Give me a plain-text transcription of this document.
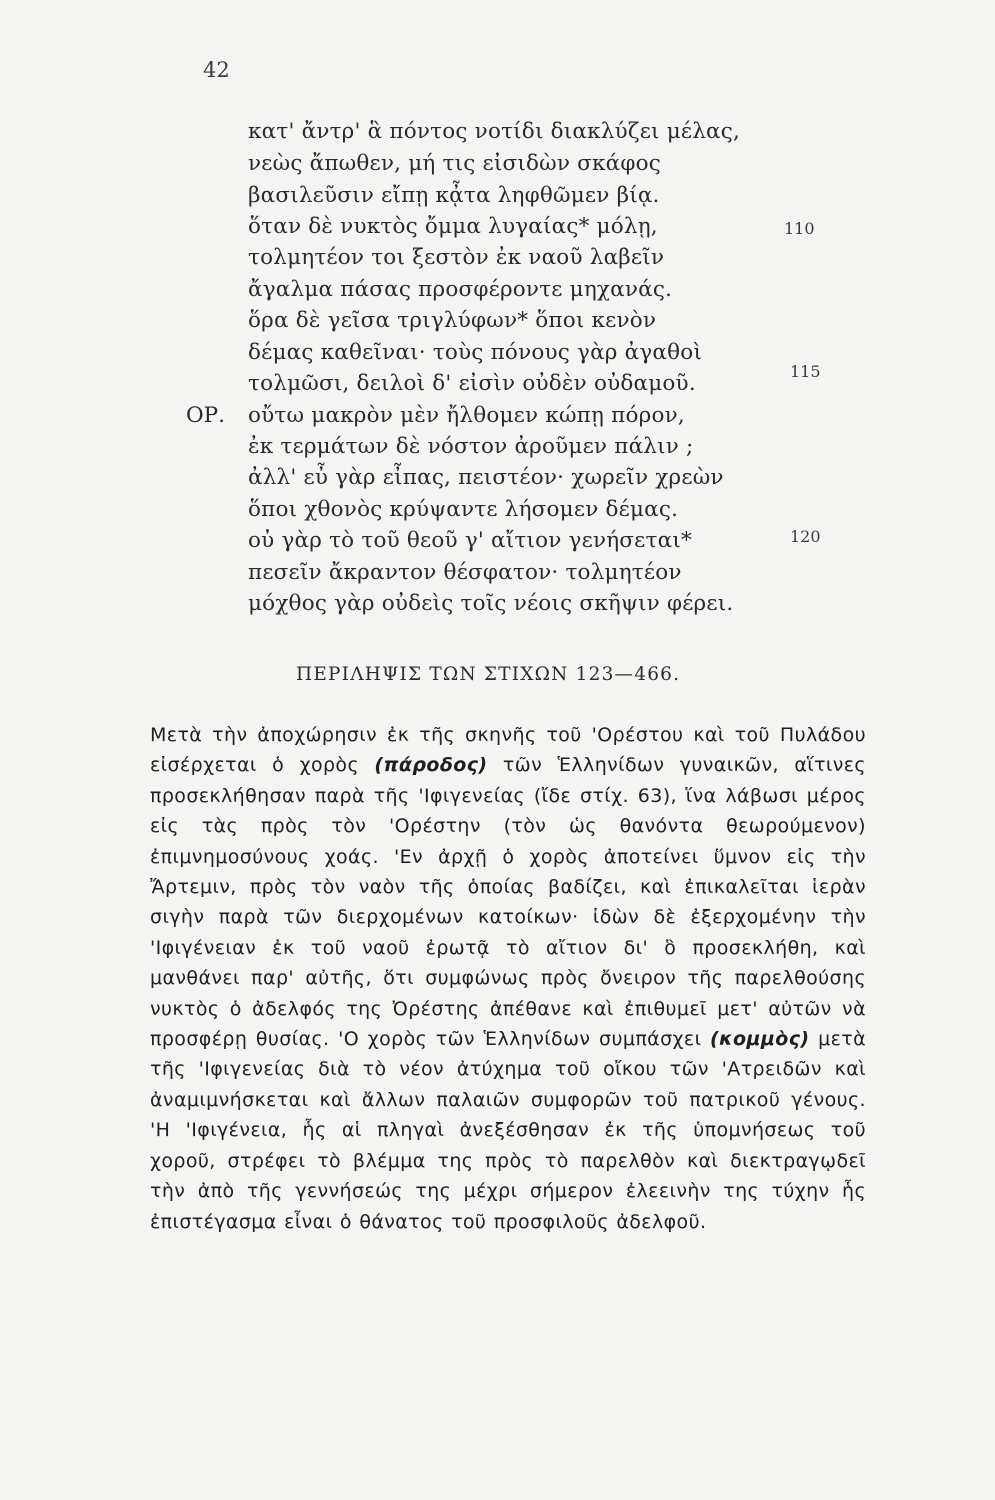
42
κατ' ἄντρ' ἃ πόντος νοτίδι διακλύζει μέλας,
νεὼς ἄπωθεν, μή τις εἰσιδὼν σκάφος
βασιλεῦσιν εἴπῃ κᾆτα ληφθῶμεν βίᾳ.
ὅταν δὲ νυκτὸς ὄμμα λυγαίας* μόλῃ,	110
τολμητέον τοι ξεστὸν ἐκ ναοῦ λαβεῖν
ἄγαλμα πάσας προσφέροντε μηχανάς.
ὅρα δὲ γεῖσα τριγλύφων* ὅποι κενὸν
δέμας καθεῖναι· τοὺς πόνους γὰρ ἀγαθοὶ
τολμῶσι, δειλοὶ δ' εἰσὶν οὐδὲν οὐδαμοῦ.	115
ΟΡ. οὔτω μακρὸν μὲν ἤλθομεν κώπῃ πόρον,
ἐκ τερμάτων δὲ νόστον ἀροῦμεν πάλιν ;
ἀλλ' εὖ γὰρ εἶπας, πειστέον· χωρεῖν χρεὼν
ὅποι χθονὸς κρύψαντε λήσομεν δέμας.
οὐ γὰρ τὸ τοῦ θεοῦ γ' αἴτιον γενήσεται*	120
πεσεῖν ἄκραντον θέσφατον· τολμητέον
μόχθος γὰρ οὐδεὶς τοῖς νέοις σκῆψιν φέρει.
ΠΕΡΙΛΗΨΙΣ ΤΩΝ ΣΤΙΧΩΝ 123—466.

Μετὰ τὴν ἀποχώρησιν ἐκ τῆς σκηνῆς τοῦ 'Ορέστου καὶ τοῦ Πυλάδου εἰσέρχεται ὁ χορὸς (πάροδος) τῶν Ἑλληνίδων γυναικῶν, αἵτινες προσεκλήθησαν παρὰ τῆς 'Ιφιγενείας (ἴδε στίχ. 63), ἵνα λάβωσι μέρος εἰς τὰς πρὸς τὸν 'Ορέστην (τὸν ὡς θανόντα θεωρούμενον) ἐπιμνημοσύνους χοάς. 'Εν ἀρχῇ ὁ χορὸς ἀποτείνει ὕμνον εἰς τὴν Ἄρτεμιν, πρὸς τὸν ναὸν τῆς ὁποίας βαδίζει, καὶ ἐπικαλεῖται ἱερὰν σιγὴν παρὰ τῶν διερχομένων κατοίκων· ἰδὼν δὲ ἐξερχομένην τὴν 'Ιφιγένειαν ἐκ τοῦ ναοῦ ἐρωτᾷ τὸ αἴτιον δι' ὃ προσεκλήθη, καὶ μανθάνει παρ' αὐτῆς, ὅτι συμφώνως πρὸς ὄνειρον τῆς παρελθούσης νυκτὸς ὁ ἀδελφός της Ὀρέστης ἀπέθανε καὶ ἐπιθυμεῖ μετ' αὐτῶν νὰ προσφέρῃ θυσίας. 'Ο χορὸς τῶν Ἑλληνίδων συμπάσχει (κομμὸς) μετὰ τῆς 'Ιφιγενείας διὰ τὸ νέον ἀτύχημα τοῦ οἴκου τῶν 'Ατρειδῶν καὶ ἀναμιμνήσκεται καὶ ἄλλων παλαιῶν συμφορῶν τοῦ πατρικοῦ γένους. 'Η 'Ιφιγένεια, ἧς αἱ πληγαὶ ἀνεξέσθησαν ἐκ τῆς ὑπομνήσεως τοῦ χοροῦ, στρέφει τὸ βλέμμα της πρὸς τὸ παρελθὸν καὶ διεκτραγῳδεῖ τὴν ἀπὸ τῆς γεννήσεώς της μέχρι σήμερον ἐλεεινὴν της τύχην ἧς ἐπιστέγασμα εἶναι ὁ θάνατος τοῦ προσφιλοῦς ἀδελφοῦ.
